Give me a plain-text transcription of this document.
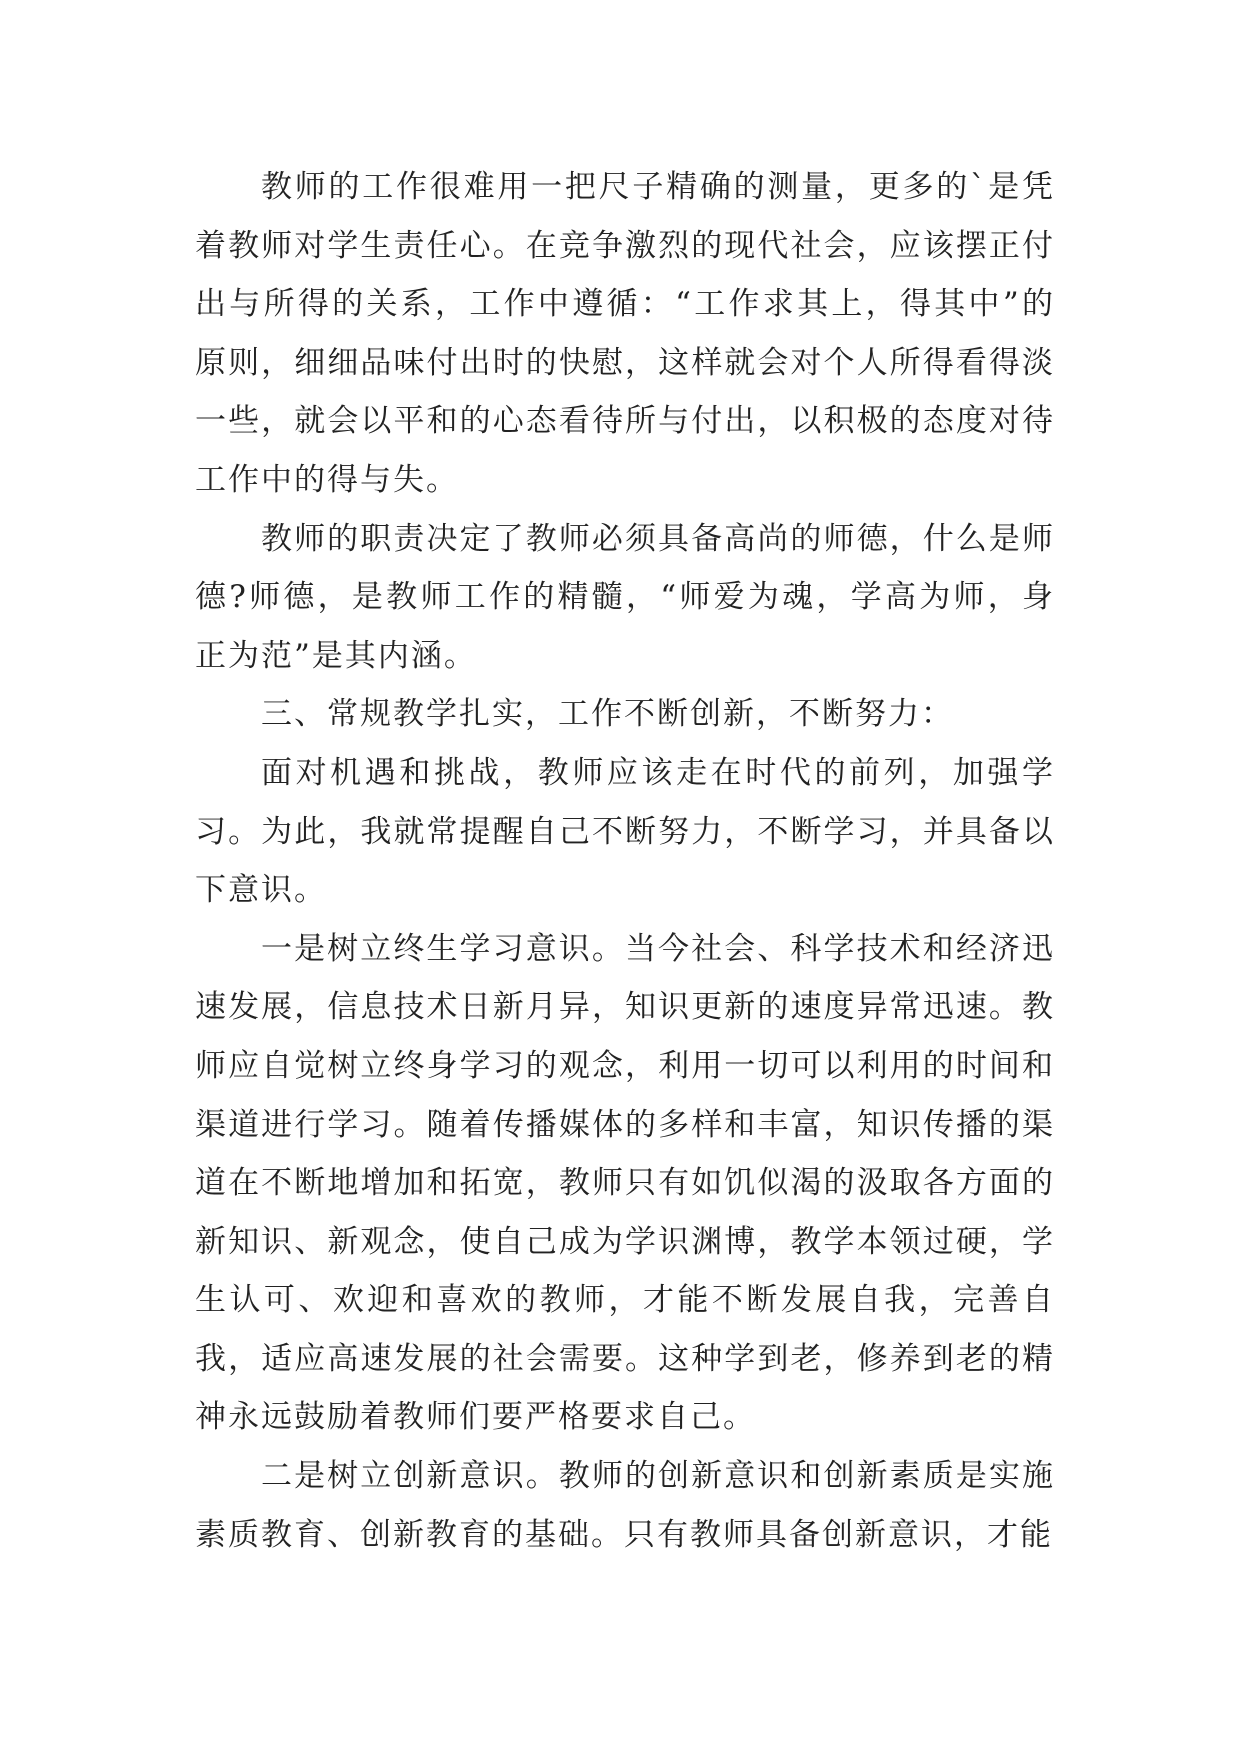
教师的工作很难用一把尺子精确的测量，更多的`是凭着教师对学生责任心。在竞争激烈的现代社会，应该摆正付出与所得的关系，工作中遵循：“工作求其上，得其中”的原则，细细品味付出时的快慰，这样就会对个人所得看得淡一些，就会以平和的心态看待所与付出，以积极的态度对待工作中的得与失。

教师的职责决定了教师必须具备高尚的师德，什么是师德?师德，是教师工作的精髓，“师爱为魂，学高为师，身正为范”是其内涵。

三、常规教学扎实，工作不断创新，不断努力：

面对机遇和挑战，教师应该走在时代的前列，加强学习。为此，我就常提醒自己不断努力，不断学习，并具备以下意识。

一是树立终生学习意识。当今社会、科学技术和经济迅速发展，信息技术日新月异，知识更新的速度异常迅速。教师应自觉树立终身学习的观念，利用一切可以利用的时间和渠道进行学习。随着传播媒体的多样和丰富，知识传播的渠道在不断地增加和拓宽，教师只有如饥似渴的汲取各方面的新知识、新观念，使自己成为学识渊博，教学本领过硬，学生认可、欢迎和喜欢的教师，才能不断发展自我，完善自我，适应高速发展的社会需要。这种学到老，修养到老的精神永远鼓励着教师们要严格要求自己。

二是树立创新意识。教师的创新意识和创新素质是实施素质教育、创新教育的基础。只有教师具备创新意识，才能
